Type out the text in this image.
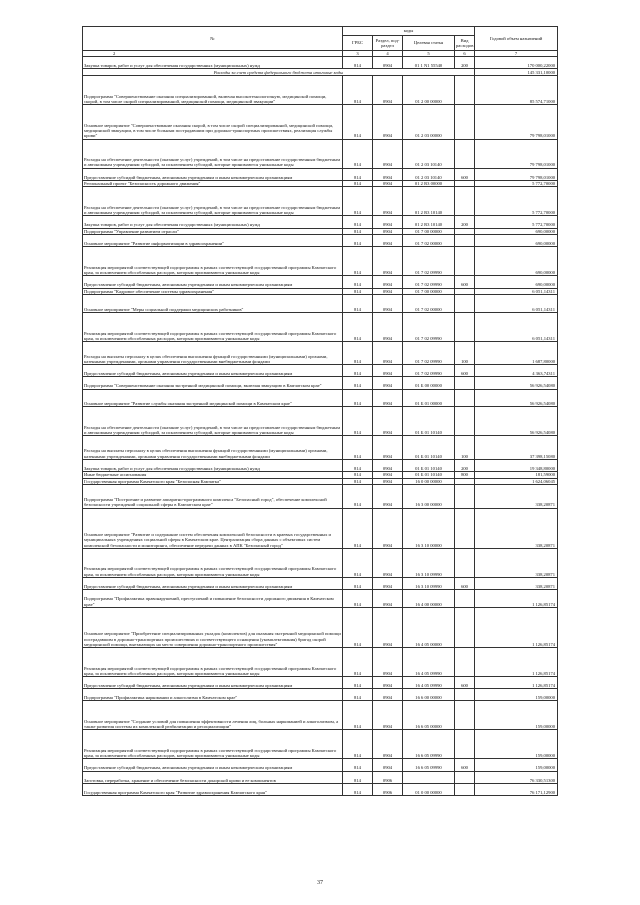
№	коды				Годовой объем назначений
	ГРБС	Раздел, под-раздел	Целевая статья	Вид расходов	
2	3	4	5	6	7
Закупка товаров, работ и услуг для обеспечения государственных (муниципальных) нужд	814	0904	01 1 N1 55540	200	170 000,22000
Расходы за счет средств федерального бюджета итоговые коды					145 331,10000
Подпрограмма "Совершенствование оказания специализированной, включая высокотехнологичную, медицинской помощи, скорой, в том числе скорой специализированной, медицинской помощи, медицинской эвакуации"	814	0904	01 2 00 00000		85 574,71000
Основное мероприятие "Совершенствование оказания скорой, в том числе скорой специализированной, медицинской помощи, медицинской эвакуации, в том числе больным пострадавшим при дорожно-транспортных происшествиях, реализация службы крови"	814	0904	01 2 03 00000		79 798,01000
Расходы на обеспечение деятельности (оказание услуг) учреждений, в том числе на предоставление государственным бюджетным и автономным учреждениям субсидий, за исключением субсидий, которые принимаются уникальные коды	814	0904	01 2 03 10140		79 798,01000
Предоставление субсидий бюджетным, автономным учреждениям и иным некоммерческим организациям	814	0904	01 2 03 10140	600	79 798,01000
Региональный проект "Безопасность дорожного движения"	814	0904	01 2 R3 00000		5 772,70000
Расходы на обеспечение деятельности (оказание услуг) учреждений, в том числе на предоставление государственным бюджетным и автономным учреждениям субсидий, за исключением субсидий, которые принимаются уникальные коды	814	0904	01 2 R3 10140		5 772,70000
Закупка товаров, работ и услуг для обеспечения государственных (муниципальных) нужд	814	0904	01 2 R3 10140	200	5 772,70000
Подпрограмма "Управление развитием отрасли"	814	0904	01 7 00 00000		690,00000
Основное мероприятие "Развитие информатизации в здравоохранении"	814	0904	01 7 02 00000		690,00000
Реализация мероприятий соответствующей подпрограммы в рамках соответствующей государственной программы Камчатского края, за исключением обособленных расходов, которым присваиваются уникальные коды	814	0904	01 7 02 09990		690,00000
Предоставление субсидий бюджетным, автономным учреждениям и иным некоммерческим организациям	814	0904	01 7 02 09990	600	690,00000
Подпрограмма "Кадровое обеспечение системы здравоохранения"	814	0904	01 7 00 00000		6 051,14311
Основное мероприятие "Меры социальной поддержки медицинских работников"	814	0904	01 7 02 00000		6 051,14311
Реализация мероприятий соответствующей подпрограммы в рамках соответствующей государственной программы Камчатского края, за исключением обособленных расходов, которым присваиваются уникальные коды	814	0904	01 7 02 09990		6 051,14311
Расходы на выплаты персоналу в целях обеспечения выполнения функций государственными (муниципальными) органами, казенными учреждениями, органами управления государственными внебюджетными фондами	814	0904	01 7 02 09990	100	1 687,80000
Предоставление субсидий бюджетным, автономным учреждениям и иным некоммерческим организациям	814	0904	01 7 02 09990	600	4 363,74311
Подпрограмма "Совершенствование оказания экстренной медицинской помощи, включая эвакуацию в Камчатском крае"	814	0904	01 Б 00 00000		56 926,54080
Основное мероприятие "Развитие службы оказания экстренной медицинской помощи в Камчатском крае"	814	0904	01 Б 01 00000		56 926,54080
Расходы на обеспечение деятельности (оказание услуг) учреждений, в том числе на предоставление государственным бюджетным и автономным учреждениям субсидий, за исключением субсидий, которые принимаются уникальные коды	814	0904	01 Б 01 10140		56 926,54080
Расходы на выплаты персоналу в целях обеспечения выполнения функций государственными (муниципальными) органами, казенными учреждениями, органами управления государственными внебюджетными фондами	814	0904	01 Б 01 10140	100	37 398,15080
Закупка товаров, работ и услуг для обеспечения государственных (муниципальных) нужд	814	0904	01 Б 01 10140	200	19 348,80000
Иные бюджетные ассигнования	814	0904	01 Б 01 10140	800	181,59000
Государственная программа Камчатского края "Безопасная Камчатка"	814	0904	16 0 00 00000		1 624,06045
Подпрограмма "Построение и развитие аппаратно-программного комплекса "Безопасный город", обеспечение комплексной безопасности учреждений социальной сферы в Камчатском крае"	814	0904	16 3 00 00000		338,20871
Основное мероприятие "Развитие и содержание систем обеспечения комплексной безопасности в краевых государственных и муниципальных учреждениях социальной сферы в Камчатском крае. Централизация сбора данных с объектовых систем комплексной безопасности и мониторинга, обеспечение передачи данных в АПК "Безопасный город"	814	0904	16 3 10 00000		338,20871
Реализация мероприятий соответствующей подпрограммы в рамках соответствующей государственной программы Камчатского края, за исключением обособленных расходов, которым присваиваются уникальные коды	814	0904	16 3 10 09990		338,20871
Предоставление субсидий бюджетным, автономным учреждениям и иным некоммерческим организациям	814	0904	16 3 10 09990	600	338,20871
Подпрограмма "Профилактика правонарушений, преступлений и повышение безопасности дорожного движения в Камчатском крае"	814	0904	16 4 00 00000		1 126,85174
Основное мероприятие "Приобретение специализированных укладок (комплектов) для оказания экстренной медицинской помощи пострадавшим в дорожно-транспортных происшествиях и соответствующего оснащения (укомплектования) бригад скорой медицинской помощи, выезжающих на место совершения дорожно-транспортного происшествия"	814	0904	16 4 05 00000		1 126,85174
Реализация мероприятий соответствующей подпрограммы в рамках соответствующей государственной программы Камчатского края, за исключением обособленных расходов, которым присваиваются уникальные коды	814	0904	16 4 05 09990		1 126,85174
Предоставление субсидий бюджетным, автономным учреждениям и иным некоммерческим организациям	814	0904	16 4 05 09990	600	1 126,85174
Подпрограмма "Профилактика наркомании и алкоголизма в Камчатском крае"	814	0904	16 6 00 00000		159,00000
Основное мероприятие "Создание условий для повышения эффективности лечения лиц, больных наркоманией и алкоголизмом, а также развития системы их комплексной реабилитации и ресоциализации"	814	0904	16 6 05 00000		159,00000
Реализация мероприятий соответствующей подпрограммы в рамках соответствующей государственной программы Камчатского края, за исключением обособленных расходов, которым присваиваются уникальные коды	814	0904	16 6 05 09990		159,00000
Предоставление субсидий бюджетным, автономным учреждениям и иным некоммерческим организациям	814	0904	16 6 05 09990	600	159,00000
Заготовка, переработка, хранение и обеспечение безопасности донорской крови и ее компонентов	814	0906			76 330,51300
Государственная программа Камчатского края "Развитие здравоохранения Камчатского края"	814	0906	01 0 00 00000		76 171,12900
37
